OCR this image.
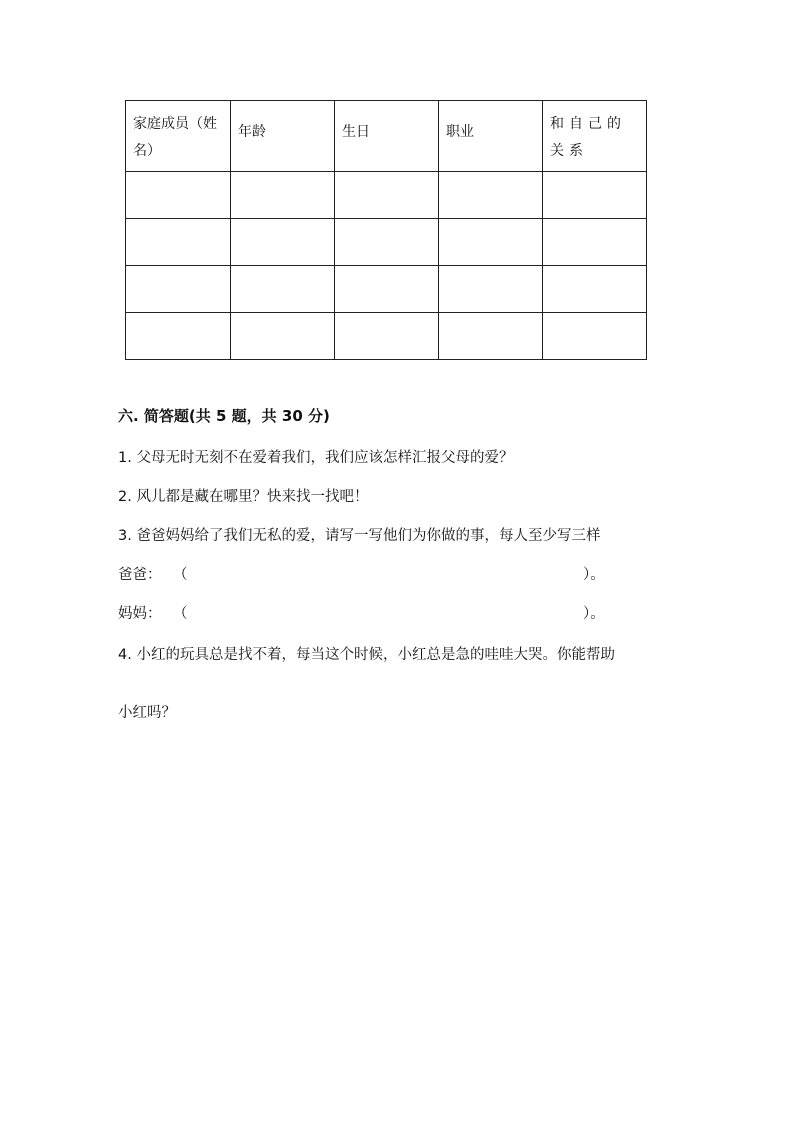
家庭成员（姓名）	年龄	生日	职业	和自己的关系

六. 简答题(共 5 题，共 30 分)
1. 父母无时无刻不在爱着我们，我们应该怎样汇报父母的爱？
2. 风儿都是藏在哪里？快来找一找吧！
3. 爸爸妈妈给了我们无私的爱，请写一写他们为你做的事，每人至少写三样
爸爸： （	）。
妈妈： （	）。
4. 小红的玩具总是找不着，每当这个时候，小红总是急的哇哇大哭。你能帮助
小红吗？
